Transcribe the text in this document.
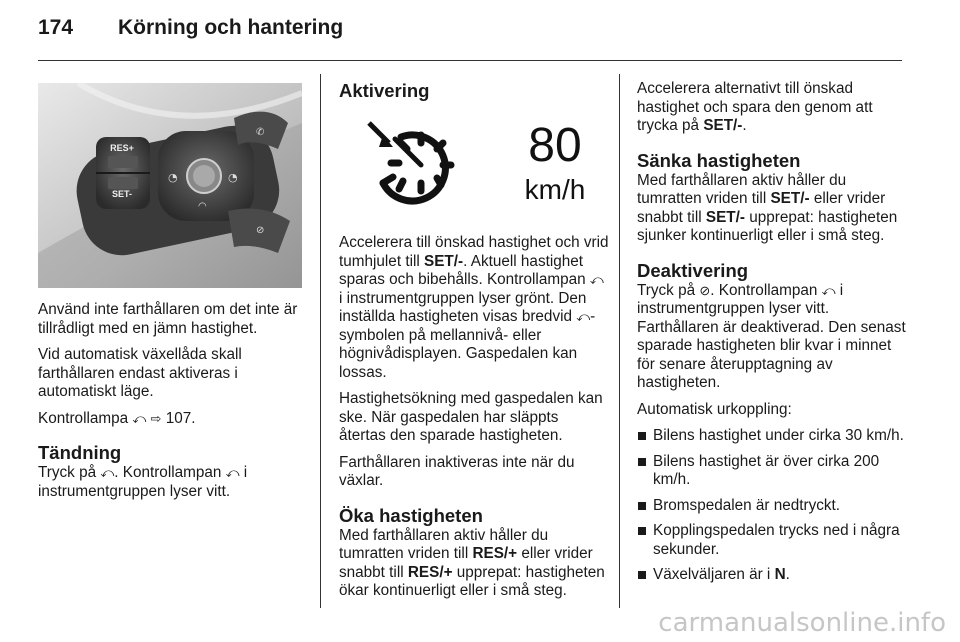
174 Körning och hantering
RES+
SET-
◔	◔
◠
✆
⊘
80
km/h

Använd inte farthållaren om det inte är tillrådligt med en jämn hastighet.

Vid automatisk växellåda skall farthållaren endast aktiveras i automatiskt läge.

Kontrollampa ⤺ ⇨ 107.

Tändning

Tryck på ⤺. Kontrollampan ⤺ i instrumentgruppen lyser vitt.

Aktivering

Accelerera till önskad hastighet och vrid tumhjulet till SET/-. Aktuell hastighet sparas och bibehålls. Kontrollampan ⤺ i instrumentgruppen lyser grönt. Den inställda hastigheten visas bredvid ⤺-symbolen på mellannivå- eller högnivådisplayen. Gaspedalen kan lossas.

Hastighetsökning med gaspedalen kan ske. När gaspedalen har släppts återtas den sparade hastigheten.

Farthållaren inaktiveras inte när du växlar.

Öka hastigheten

Med farthållaren aktiv håller du tumratten vriden till RES/+ eller vrider snabbt till RES/+ upprepat: hastigheten ökar kontinuerligt eller i små steg.

Accelerera alternativt till önskad hastighet och spara den genom att trycka på SET/-.

Sänka hastigheten

Med farthållaren aktiv håller du tumratten vriden till SET/- eller vrider snabbt till SET/- upprepat: hastigheten sjunker kontinuerligt eller i små steg.

Deaktivering

Tryck på ⊘. Kontrollampan ⤺ i instrumentgruppen lyser vitt. Farthållaren är deaktiverad. Den senast sparade hastigheten blir kvar i minnet för senare återupptagning av hastigheten.

Automatisk urkoppling:

Bilens hastighet under cirka 30 km/h.
Bilens hastighet är över cirka 200 km/h.
Bromspedalen är nedtryckt.
Kopplingspedalen trycks ned i några sekunder.
Växelväljaren är i N.
carmanualsonline.info
